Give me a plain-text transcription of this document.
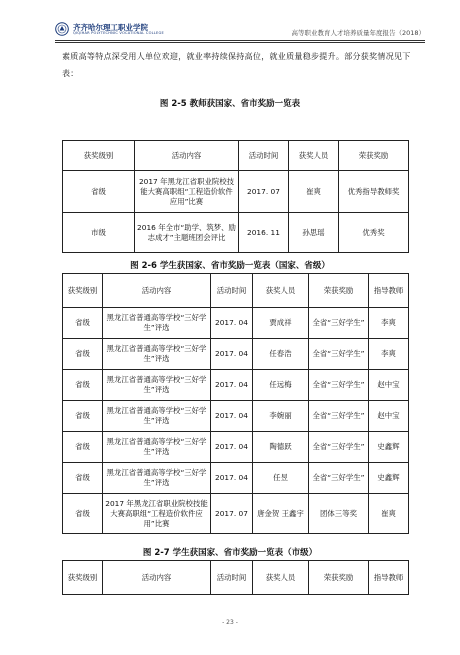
齐齐哈尔理工职业学院
QIQIHAR POLYTECHNIC VOCATIONAL COLLEGE	高等职业教育人才培养质量年度报告（2018）
素质高等特点深受用人单位欢迎，就业率持续保持高位，就业质量稳步提升。部分获奖情况见下表：
图 2-5 教师获国家、省市奖励一览表
获奖级别	活动内容	活动时间	获奖人员	荣获奖励
省级	2017 年黑龙江省职业院校技能大赛高职组“工程造价软件应用”比赛	2017. 07	崔爽	优秀指导教师奖
市级	2016 年全市“助学、筑梦、励志成才”主题班团会评比	2016. 11	孙思瑶	优秀奖
图 2-6 学生获国家、省市奖励一览表（国家、省级）
获奖级别	活动内容	活动时间	获奖人员	荣获奖励	指导教师
省级	黑龙江省普通高等学校“三好学生”评选	2017. 04	贾成祥	全省“三好学生”	李爽
省级	黑龙江省普通高等学校“三好学生”评选	2017. 04	任春浩	全省“三好学生”	李爽
省级	黑龙江省普通高等学校“三好学生”评选	2017. 04	任远梅	全省“三好学生”	赵中宝
省级	黑龙江省普通高等学校“三好学生”评选	2017. 04	李婉丽	全省“三好学生”	赵中宝
省级	黑龙江省普通高等学校“三好学生”评选	2017. 04	陶德跃	全省“三好学生”	史鑫辉
省级	黑龙江省普通高等学校“三好学生”评选	2017. 04	任昱	全省“三好学生”	史鑫辉
省级	2017 年黑龙江省职业院校技能大赛高职组“工程造价软件应用”比赛	2017. 07	唐金贺 王鑫宇	团体三等奖	崔爽
图 2-7 学生获国家、省市奖励一览表（市级）
获奖级别	活动内容	活动时间	获奖人员	荣获奖励	指导教师
- 23 -
